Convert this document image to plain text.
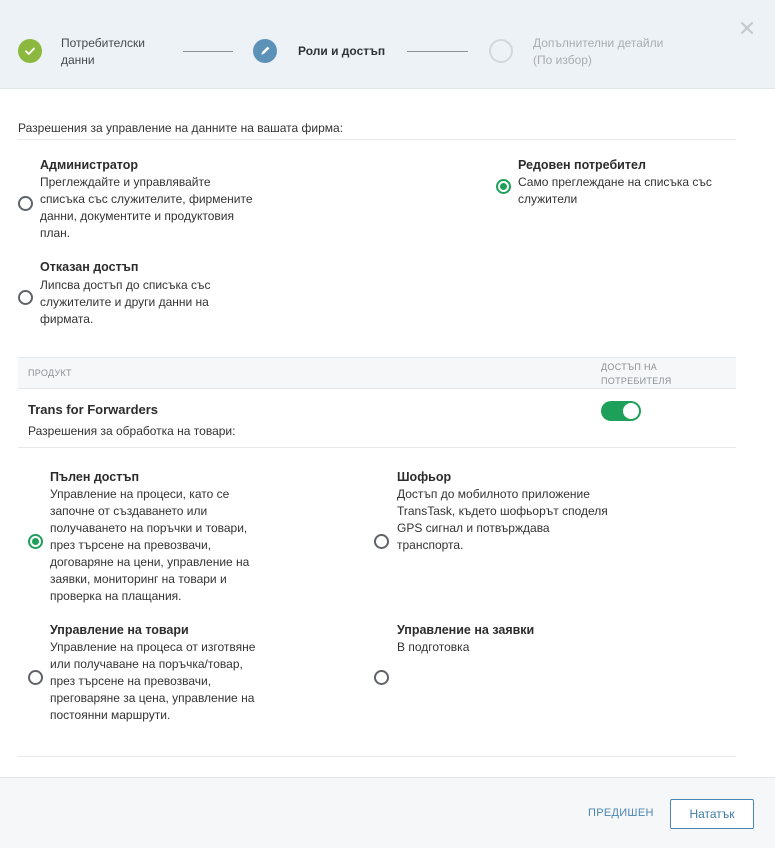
Потребителски
данни
Роли и достъп
Допълнителни детайли
(По избор)
Разрешения за управление на данните на вашата фирма:
Администратор
Преглеждайте и управлявайте
списъка със служителите, фирмените
данни, документите и продуктовия
план.
Редовен потребител
Само преглеждане на списъка със
служители
Отказан достъп
Липсва достъп до списъка със
служителите и други данни на
фирмата.
ПРОДУКТ
ДОСТЪП НА
ПОТРЕБИТЕЛЯ
Trans for Forwarders
Разрешения за обработка на товари:
Пълен достъп
Управление на процеси, като се
започне от създаването или
получаването на поръчки и товари,
през търсене на превозвачи,
договаряне на цени, управление на
заявки, мониторинг на товари и
проверка на плащания.
Шофьор
Достъп до мобилното приложение
TransTask, където шофьорът споделя
GPS сигнал и потвърждава
транспорта.
Управление на товари
Управление на процеса от изготвяне
или получаване на поръчка/товар,
през търсене на превозвачи,
преговаряне за цена, управление на
постоянни маршрути.
Управление на заявки
В подготовка
ПРЕДИШЕН	Нататък
